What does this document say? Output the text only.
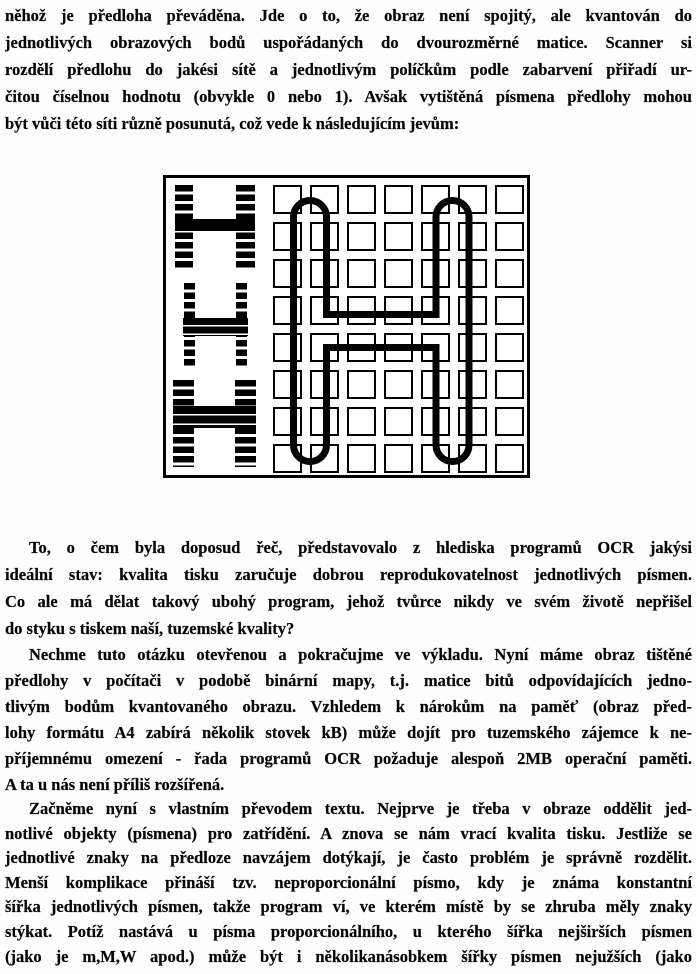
něhož je předloha převáděna. Jde o to, že obraz není spojitý, ale kvantován do
jednotlivých obrazových bodů uspořádaných do dvourozměrné matice. Scanner si
rozdělí předlohu do jakési sítě a jednotlivým políčkům podle zabarvení přiřadí ur-
čitou číselnou hodnotu (obvykle 0 nebo 1). Avšak vytištěná písmena předlohy mohou
být vůči této síti různě posunutá, což vede k následujícím jevům:
To, o čem byla doposud řeč, představovalo z hlediska programů OCR jakýsi
ideální stav: kvalita tisku zaručuje dobrou reprodukovatelnost jednotlivých písmen.
Co ale má dělat takový ubohý program, jehož tvůrce nikdy ve svém životě nepřišel
do styku s tiskem naší, tuzemské kvality?
Nechme tuto otázku otevřenou a pokračujme ve výkladu. Nyní máme obraz tištěné
předlohy v počítači v podobě binární mapy, t.j. matice bitů odpovídajících jedno-
tlivým bodům kvantovaného obrazu. Vzhledem k nárokům na paměť (obraz před-
lohy formátu A4 zabírá několik stovek kB) může dojít pro tuzemského zájemce k ne-
příjemnému omezení - řada programů OCR požaduje alespoň 2MB operační paměti.
A ta u nás není příliš rozšířená.
Začněme nyní s vlastním převodem textu. Nejprve je třeba v obraze oddělit jed-
notlivé objekty (písmena) pro zatřídění. A znova se nám vrací kvalita tisku. Jestliže se
jednotlivé znaky na předloze navzájem dotýkají, je často problém je správně rozdělit.
Menší komplikace přináší tzv. neproporcionální písmo, kdy je známa konstantní
šířka jednotlivých písmen, takže program ví, ve kterém místě by se zhruba měly znaky
stýkat. Potíž nastává u písma proporcionálního, u kterého šířka nejširších písmen
(jako je m,M,W apod.) může být i několikanásobkem šířky písmen nejužších (jako
